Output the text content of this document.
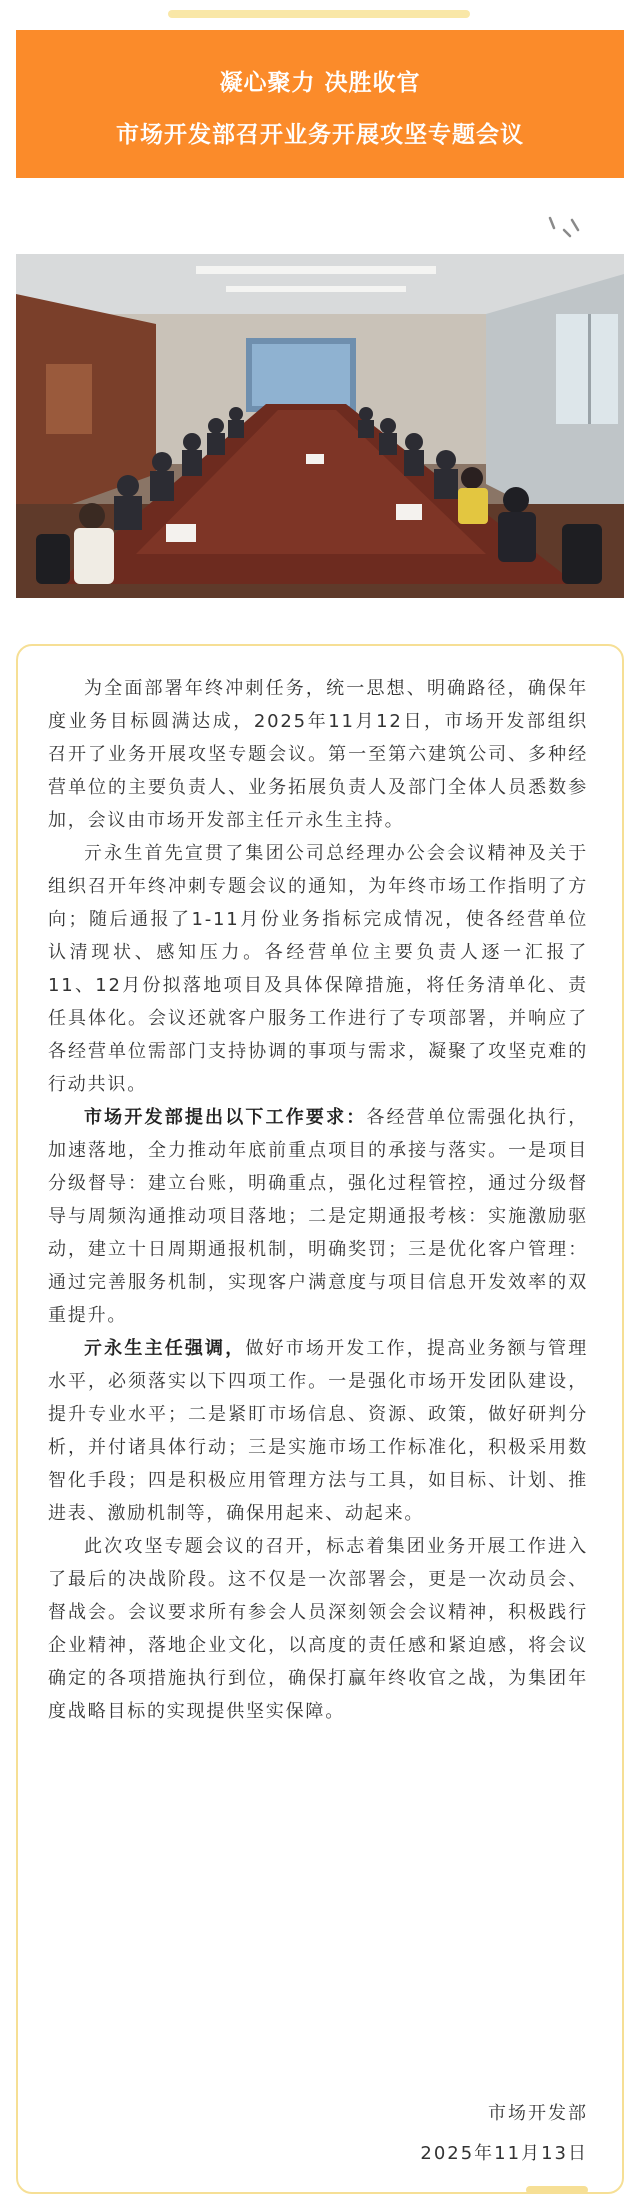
凝心聚力 决胜收官
市场开发部召开业务开展攻坚专题会议

为全面部署年终冲刺任务，统一思想、明确路径，确保年度业务目标圆满达成，2025年11月12日，市场开发部组织召开了业务开展攻坚专题会议。第一至第六建筑公司、多种经营单位的主要负责人、业务拓展负责人及部门全体人员悉数参加，会议由市场开发部主任亓永生主持。

亓永生首先宣贯了集团公司总经理办公会会议精神及关于组织召开年终冲刺专题会议的通知，为年终市场工作指明了方向；随后通报了1-11月份业务指标完成情况，使各经营单位认清现状、感知压力。各经营单位主要负责人逐一汇报了11、12月份拟落地项目及具体保障措施，将任务清单化、责任具体化。会议还就客户服务工作进行了专项部署，并响应了各经营单位需部门支持协调的事项与需求，凝聚了攻坚克难的行动共识。

市场开发部提出以下工作要求：各经营单位需强化执行，加速落地，全力推动年底前重点项目的承接与落实。一是项目分级督导：建立台账，明确重点，强化过程管控，通过分级督导与周频沟通推动项目落地；二是定期通报考核：实施激励驱动，建立十日周期通报机制，明确奖罚；三是优化客户管理：通过完善服务机制，实现客户满意度与项目信息开发效率的双重提升。

亓永生主任强调，做好市场开发工作，提高业务额与管理水平，必须落实以下四项工作。一是强化市场开发团队建设，提升专业水平；二是紧盯市场信息、资源、政策，做好研判分析，并付诸具体行动；三是实施市场工作标准化，积极采用数智化手段；四是积极应用管理方法与工具，如目标、计划、推进表、激励机制等，确保用起来、动起来。

此次攻坚专题会议的召开，标志着集团业务开展工作进入了最后的决战阶段。这不仅是一次部署会，更是一次动员会、督战会。会议要求所有参会人员深刻领会会议精神，积极践行企业精神，落地企业文化，以高度的责任感和紧迫感，将会议确定的各项措施执行到位，确保打赢年终收官之战，为集团年度战略目标的实现提供坚实保障。

市场开发部
2025年11月13日
